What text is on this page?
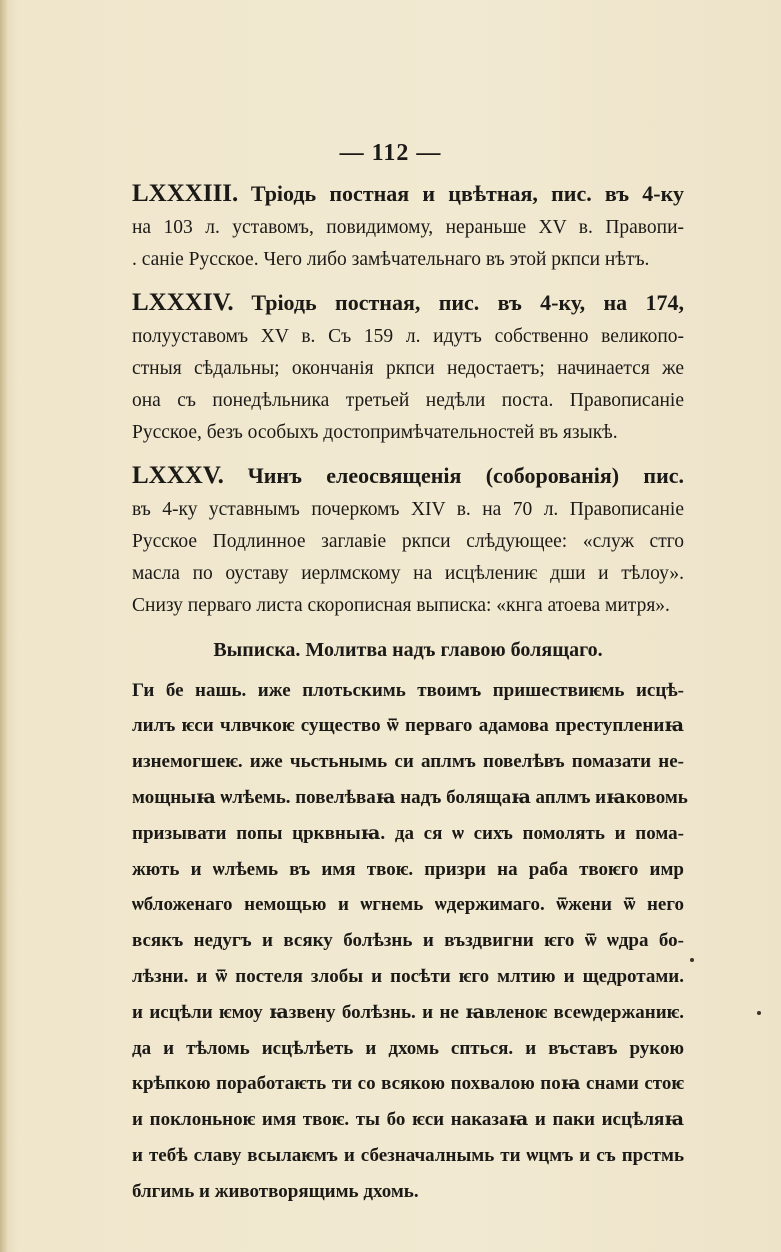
— 112 —
LXXXIII. Тріодь постная и цвѣтная, пис. въ 4-ку
на 103 л. уставомъ, повидимому, нераньше XV в. Правопи-
. саніе Русское. Чего либо замѣчательнаго въ этой ркпси нѣтъ.
LXXXIV. Тріодь постная, пис. въ 4-ку, на 174,
полууставомъ XV в. Съ 159 л. идутъ собственно великопо-
стныя сѣдальны; окончанія ркпси недостаетъ; начинается же
она съ понедѣльника третьей недѣли поста. Правописаніе
Русское, безъ особыхъ достопримѣчательностей въ языкѣ.
LXXXV. Чинъ елеосвященія (соборованія) пис.
въ 4-ку уставнымъ почеркомъ XIV в. на 70 л. Правописаніе
Русское Подлинное заглавіе ркпси слѣдующее: «служ стго
масла по оуставу иерлмскому на исцѣлениѥ дши и тѣлоу».
Снизу перваго листа скорописная выписка: «кнга атоева митря».
Выписка. Молитва надъ главою болящаго.
Ги бе нашь. иже плотьскимь твоимъ пришествиѥмь исцѣ-
лилъ ѥси члвчкоѥ существо ѿ перваго адамова преступлениꙗ
изнемогшеѥ. иже чьстьнымь си аплмъ повелѣвъ помазати не-
мощныꙗ ѡлѣемь. повелѣваꙗ надъ болящаꙗ аплмъ иꙗковомь
призывати попы црквныꙗ. да ся ѡ сихъ помолять и пома-
жють и ѡлѣемь въ имя твоѥ. призри на раба твоѥго имр
ѡбложенаго немощью и ѡгнемь ѡдержимаго. ѿжени ѿ него
всякъ недугъ и всяку болѣзнь и въздвигни ѥго ѿ ѡдра бо-
лѣзни. и ѿ постеля злобы и посѣти ѥго млтию и щедротами.
и исцѣли ѥмоу ꙗзвену болѣзнь. и не ꙗвленоѥ всеѡдержаниѥ.
да и тѣломь исцѣлѣеть и дхомь спться. и въставъ рукою
крѣпкою поработаѥть ти со всякою похвалою поꙗ снами стоѥ
и поклоньноѥ имя твоѥ. ты бо ѥси наказаꙗ и паки исцѣляꙗ
и тебѣ славу всылаѥмъ и сбезначалнымь ти ѡцмъ и съ прстмь
блгимь и животворящимь дхомь.
